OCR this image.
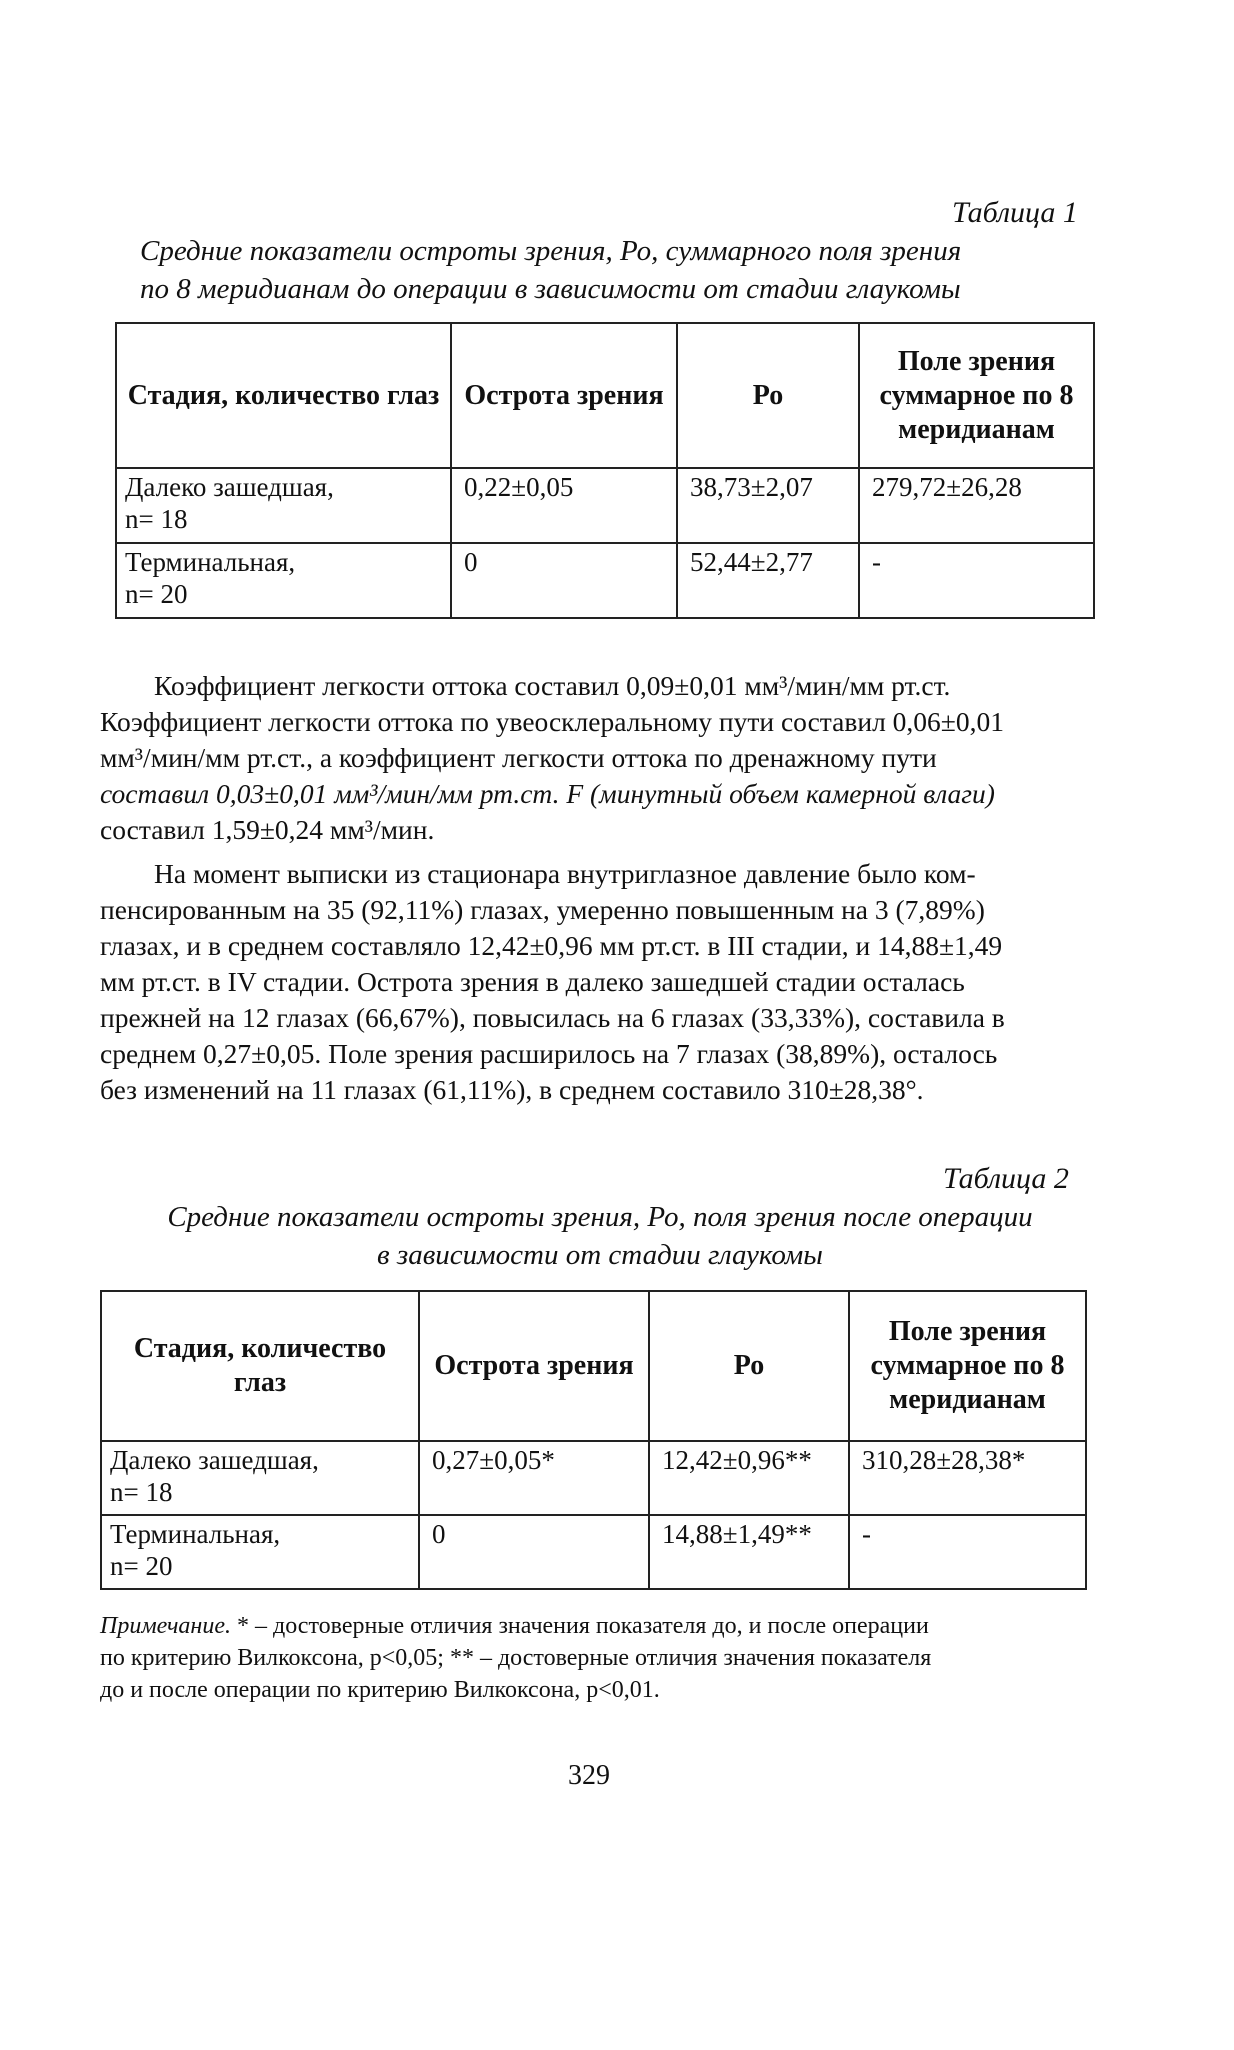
Таблица 1
Средние показатели остроты зрения, Ро, суммарного поля зрения
по 8 меридианам до операции в зависимости от стадии глаукомы
Стадия, количество глаз	Острота зрения	Ро	Поле зрения суммарное по 8 меридианам

Далеко зашедшая,
n= 18	0,22±0,05	38,73±2,07	279,72±26,28

Терминальная,
n= 20	0	52,44±2,77	-
Коэффициент легкости оттока составил 0,09±0,01 мм³/мин/мм рт.ст.
Коэффициент легкости оттока по увеосклеральному пути составил 0,06±0,01
мм³/мин/мм рт.ст., а коэффициент легкости оттока по дренажному пути
составил 0,03±0,01 мм³/мин/мм рт.ст. F (минутный объем камерной влаги)
составил 1,59±0,24 мм³/мин.
На момент выписки из стационара внутриглазное давление было ком-
пенсированным на 35 (92,11%) глазах, умеренно повышенным на 3 (7,89%)
глазах, и в среднем составляло 12,42±0,96 мм рт.ст. в III стадии, и 14,88±1,49
мм рт.ст. в IV стадии. Острота зрения в далеко зашедшей стадии осталась
прежней на 12 глазах (66,67%), повысилась на 6 глазах (33,33%), составила в
среднем 0,27±0,05. Поле зрения расширилось на 7 глазах (38,89%), осталось
без изменений на 11 глазах (61,11%), в среднем составило 310±28,38°.
Таблица 2
Средние показатели остроты зрения, Ро, поля зрения после операции
в зависимости от стадии глаукомы
Стадия, количество глаз	Острота зрения	Ро	Поле зрения суммарное по 8 меридианам

Далеко зашедшая,
n= 18	0,27±0,05*	12,42±0,96**	310,28±28,38*

Терминальная,
n= 20	0	14,88±1,49**	-
Примечание. * – достоверные отличия значения показателя до, и после операции
по критерию Вилкоксона, p<0,05; ** – достоверные отличия значения показателя
до и после операции по критерию Вилкоксона, p<0,01.
329
